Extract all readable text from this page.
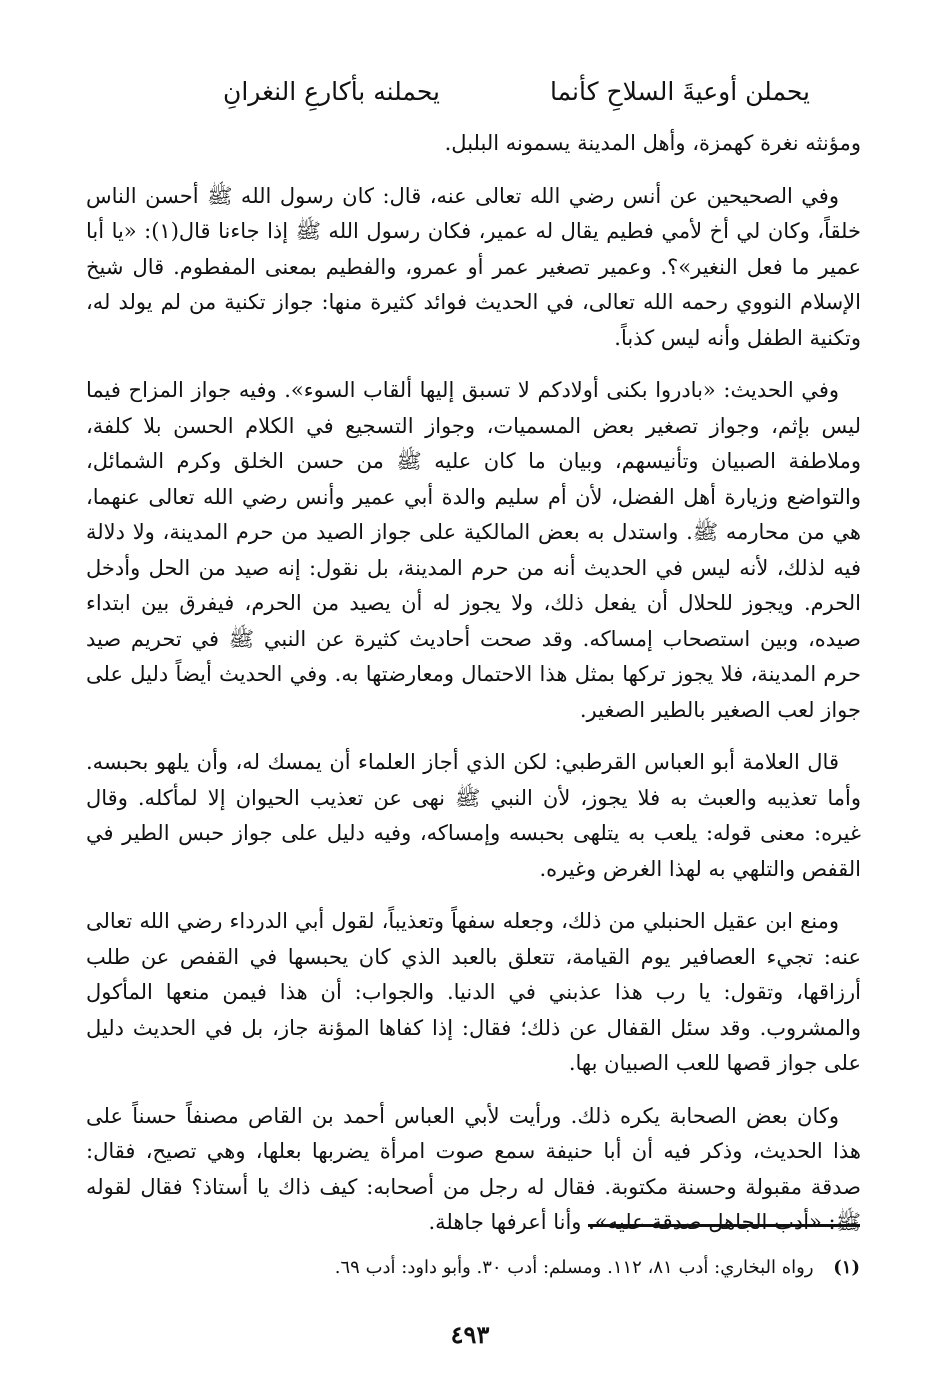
يحملن أوعيةَ السلاحِ كأنما
يحملنه بأكارعِ النغرانِ

ومؤنثه نغرة كهمزة، وأهل المدينة يسمونه البلبل.

وفي الصحيحين عن أنس رضي الله تعالى عنه، قال: كان رسول الله ﷺ أحسن الناس خلقاً، وكان لي أخ لأمي فطيم يقال له عمير، فكان رسول الله ﷺ إذا جاءنا قال(١): «يا أبا عمير ما فعل النغير»؟. وعمير تصغير عمر أو عمرو، والفطيم بمعنى المفطوم. قال شيخ الإسلام النووي رحمه الله تعالى، في الحديث فوائد كثيرة منها: جواز تكنية من لم يولد له، وتكنية الطفل وأنه ليس كذباً.

وفي الحديث: «بادروا بكنى أولادكم لا تسبق إليها ألقاب السوء». وفيه جواز المزاح فيما ليس بإثم، وجواز تصغير بعض المسميات، وجواز التسجيع في الكلام الحسن بلا كلفة، وملاطفة الصبيان وتأنيسهم، وبيان ما كان عليه ﷺ من حسن الخلق وكرم الشمائل، والتواضع وزيارة أهل الفضل، لأن أم سليم والدة أبي عمير وأنس رضي الله تعالى عنهما، هي من محارمه ﷺ. واستدل به بعض المالكية على جواز الصيد من حرم المدينة، ولا دلالة فيه لذلك، لأنه ليس في الحديث أنه من حرم المدينة، بل نقول: إنه صيد من الحل وأدخل الحرم. ويجوز للحلال أن يفعل ذلك، ولا يجوز له أن يصيد من الحرم، فيفرق بين ابتداء صيده، وبين استصحاب إمساكه. وقد صحت أحاديث كثيرة عن النبي ﷺ في تحريم صيد حرم المدينة، فلا يجوز تركها بمثل هذا الاحتمال ومعارضتها به. وفي الحديث أيضاً دليل على جواز لعب الصغير بالطير الصغير.

قال العلامة أبو العباس القرطبي: لكن الذي أجاز العلماء أن يمسك له، وأن يلهو بحبسه. وأما تعذيبه والعبث به فلا يجوز، لأن النبي ﷺ نهى عن تعذيب الحيوان إلا لمأكله. وقال غيره: معنى قوله: يلعب به يتلهى بحبسه وإمساكه، وفيه دليل على جواز حبس الطير في القفص والتلهي به لهذا الغرض وغيره.

ومنع ابن عقيل الحنبلي من ذلك، وجعله سفهاً وتعذيباً، لقول أبي الدرداء رضي الله تعالى عنه: تجيء العصافير يوم القيامة، تتعلق بالعبد الذي كان يحبسها في القفص عن طلب أرزاقها، وتقول: يا رب هذا عذبني في الدنيا. والجواب: أن هذا فيمن منعها المأكول والمشروب. وقد سئل القفال عن ذلك؛ فقال: إذا كفاها المؤنة جاز، بل في الحديث دليل على جواز قصها للعب الصبيان بها.

وكان بعض الصحابة يكره ذلك. ورأيت لأبي العباس أحمد بن القاص مصنفاً حسناً على هذا الحديث، وذكر فيه أن أبا حنيفة سمع صوت امرأة يضربها بعلها، وهي تصيح، فقال: صدقة مقبولة وحسنة مكتوبة. فقال له رجل من أصحابه: كيف ذاك يا أستاذ؟ فقال لقوله ﷺ: «أدب الجاهل صدقة عليه». وأنا أعرفها جاهلة.

(١) رواه البخاري: أدب ٨١، ١١٢. ومسلم: أدب ٣٠. وأبو داود: أدب ٦٩.
٤٩٣
